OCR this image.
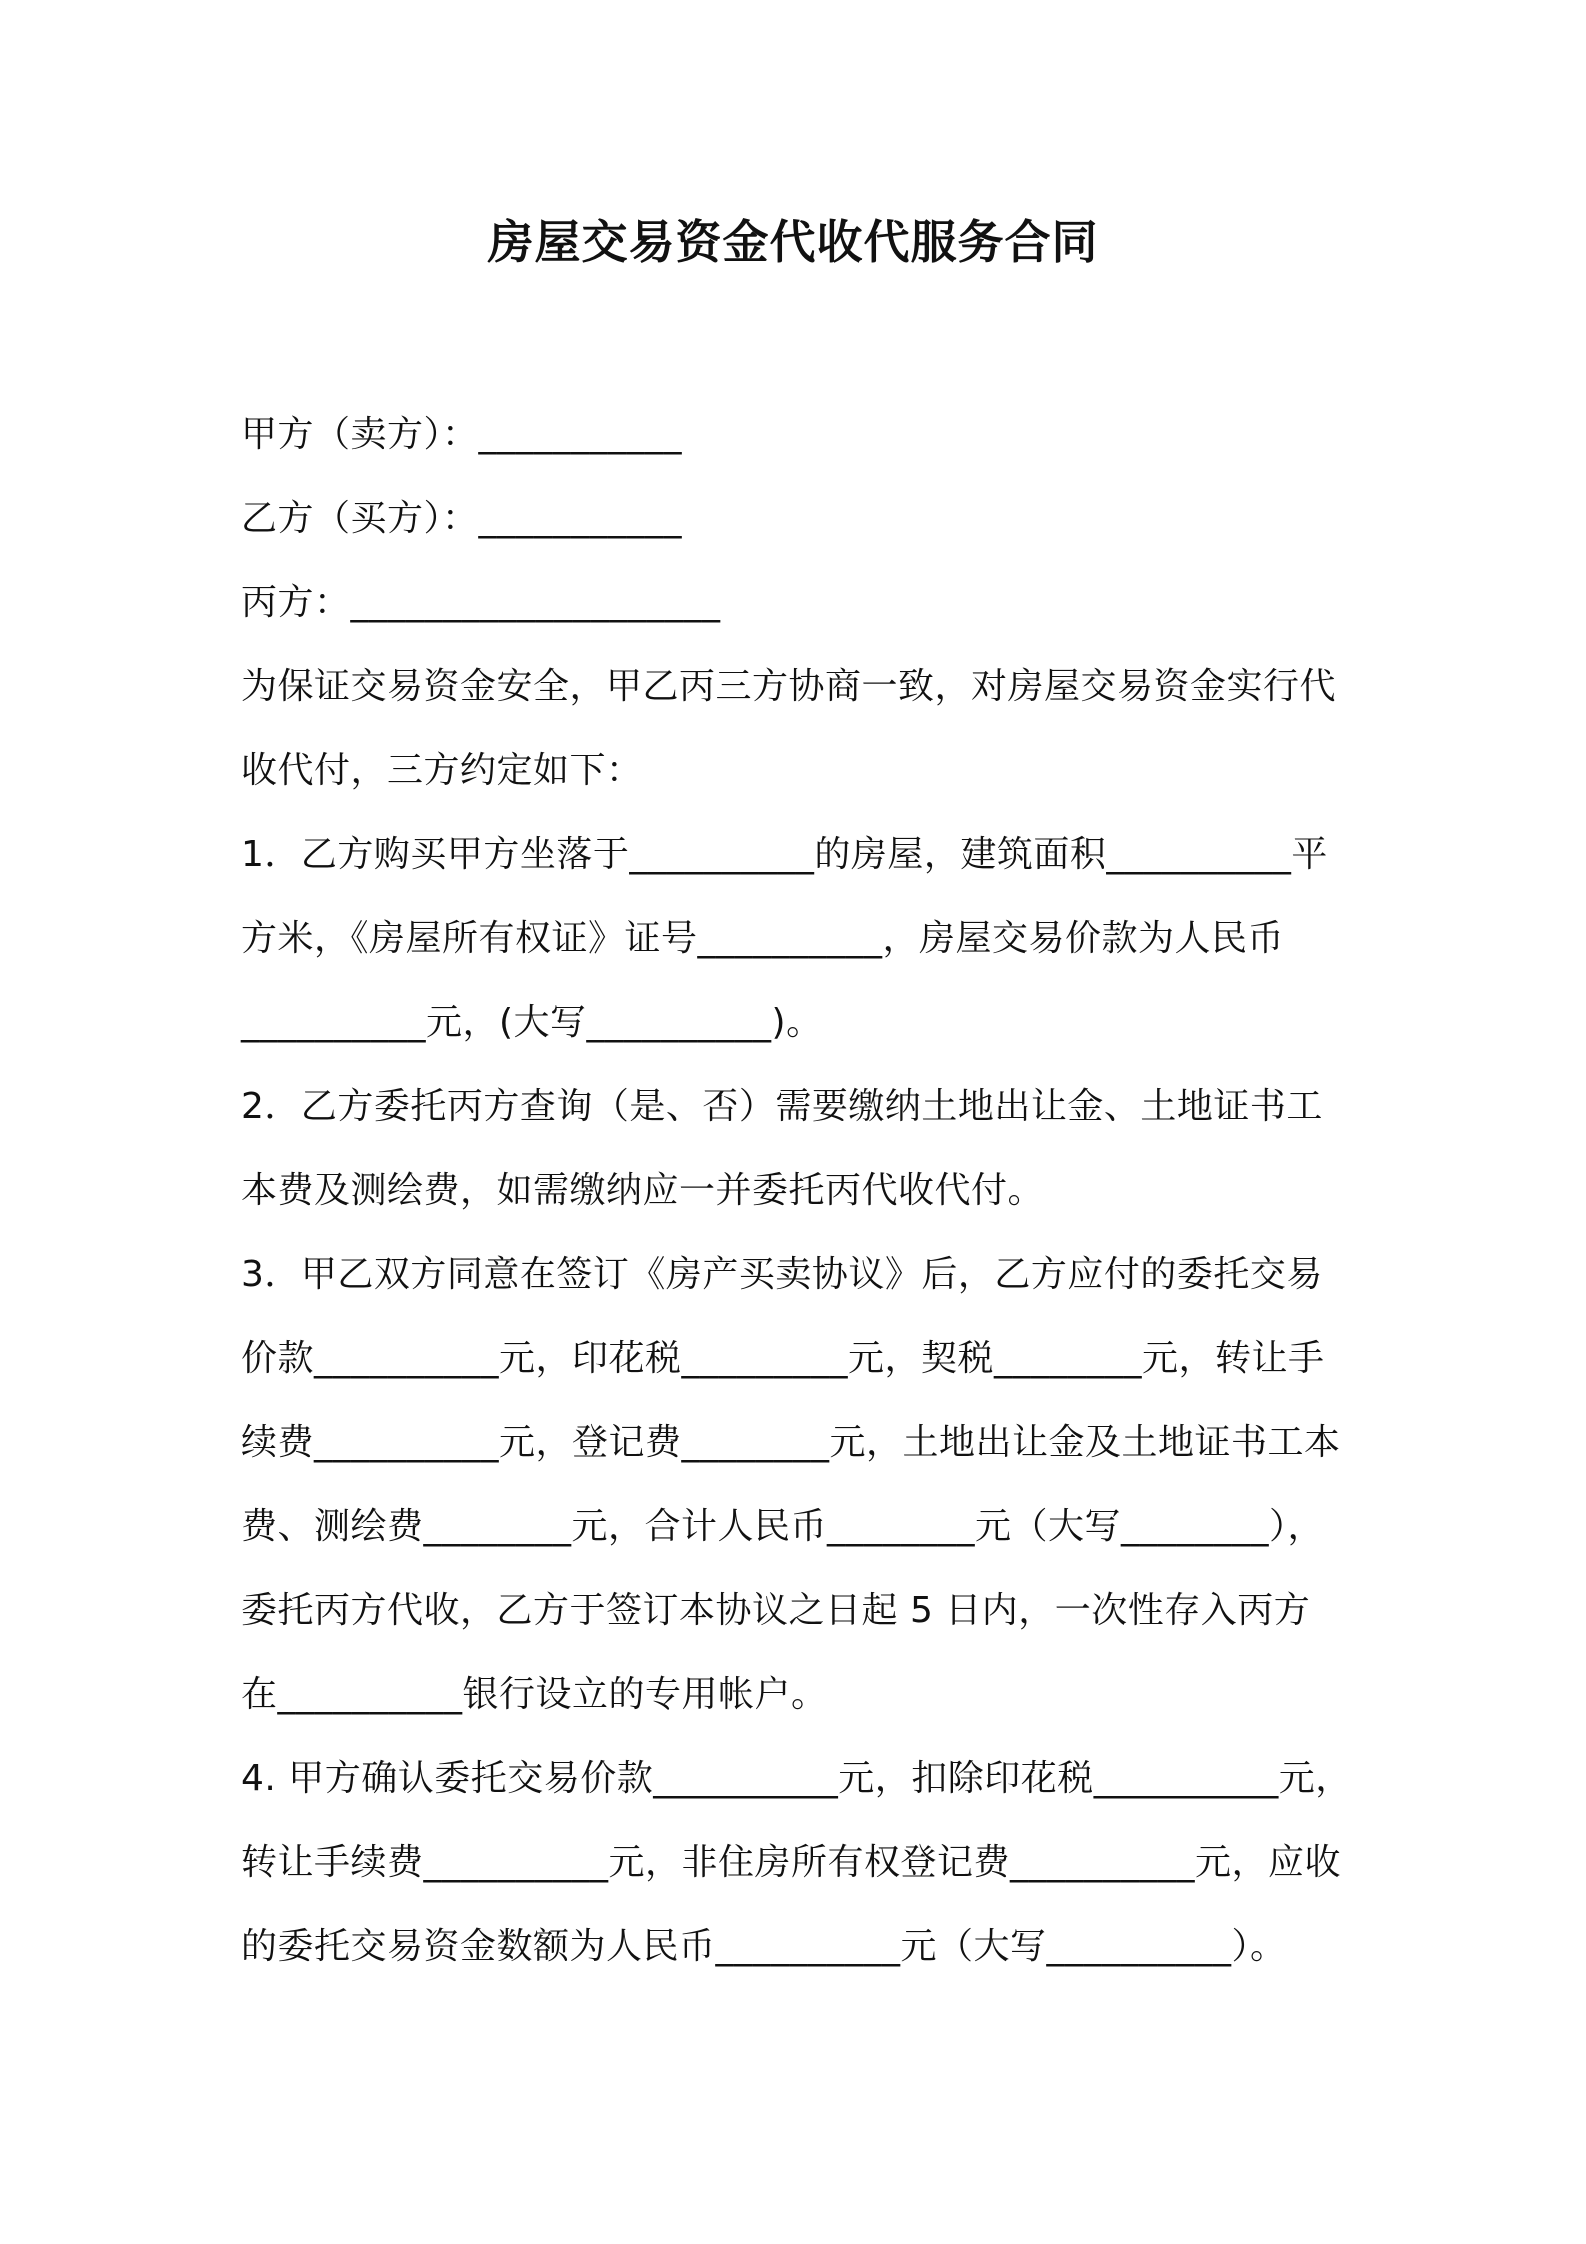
房屋交易资金代收代服务合同
甲方（卖方）：___________
乙方（买方）：___________
丙方：____________________
为保证交易资金安全，甲乙丙三方协商一致，对房屋交易资金实行代
收代付，三方约定如下：
1．乙方购买甲方坐落于__________的房屋，建筑面积__________平
方米，《房屋所有权证》证号__________，房屋交易价款为人民币
__________元，(大写__________)。
2．乙方委托丙方查询（是、否）需要缴纳土地出让金、土地证书工
本费及测绘费，如需缴纳应一并委托丙代收代付。
3．甲乙双方同意在签订《房产买卖协议》后，乙方应付的委托交易
价款__________元，印花税_________元，契税________元，转让手
续费__________元，登记费________元，土地出让金及土地证书工本
费、测绘费________元，合计人民币________元（大写________），
委托丙方代收，乙方于签订本协议之日起 5 日内，一次性存入丙方
在__________银行设立的专用帐户。
4. 甲方确认委托交易价款__________元，扣除印花税__________元，
转让手续费__________元，非住房所有权登记费__________元，应收
的委托交易资金数额为人民币__________元（大写__________）。
